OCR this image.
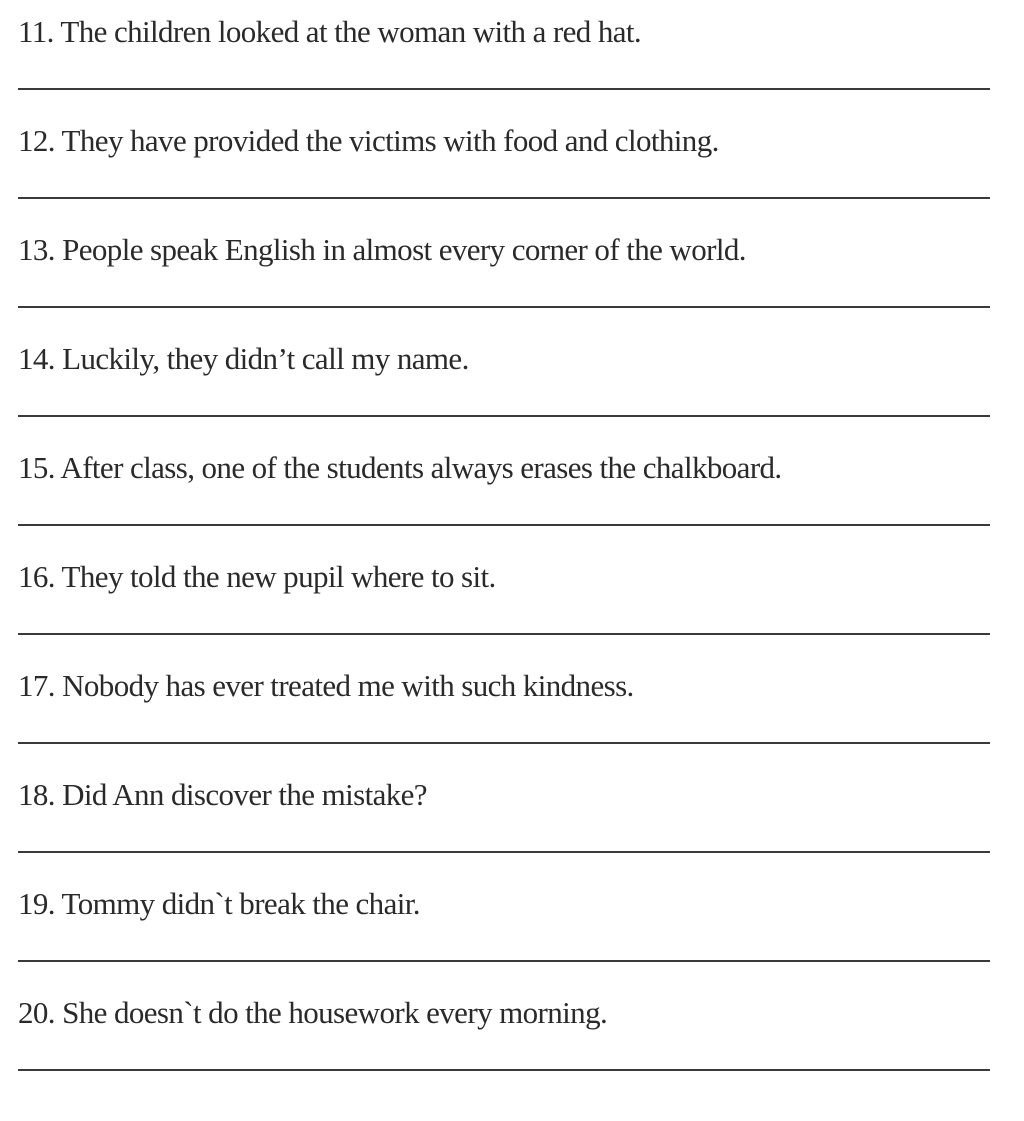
11. The children looked at the woman with a red hat.

12. They have provided the victims with food and clothing.

13. People speak English in almost every corner of the world.

14. Luckily, they didn’t call my name.

15. After class, one of the students always erases the chalkboard.

16. They told the new pupil where to sit.

17. Nobody has ever treated me with such kindness.

18. Did Ann discover the mistake?

19. Tommy didn`t break the chair.

20. She doesn`t do the housework every morning.
